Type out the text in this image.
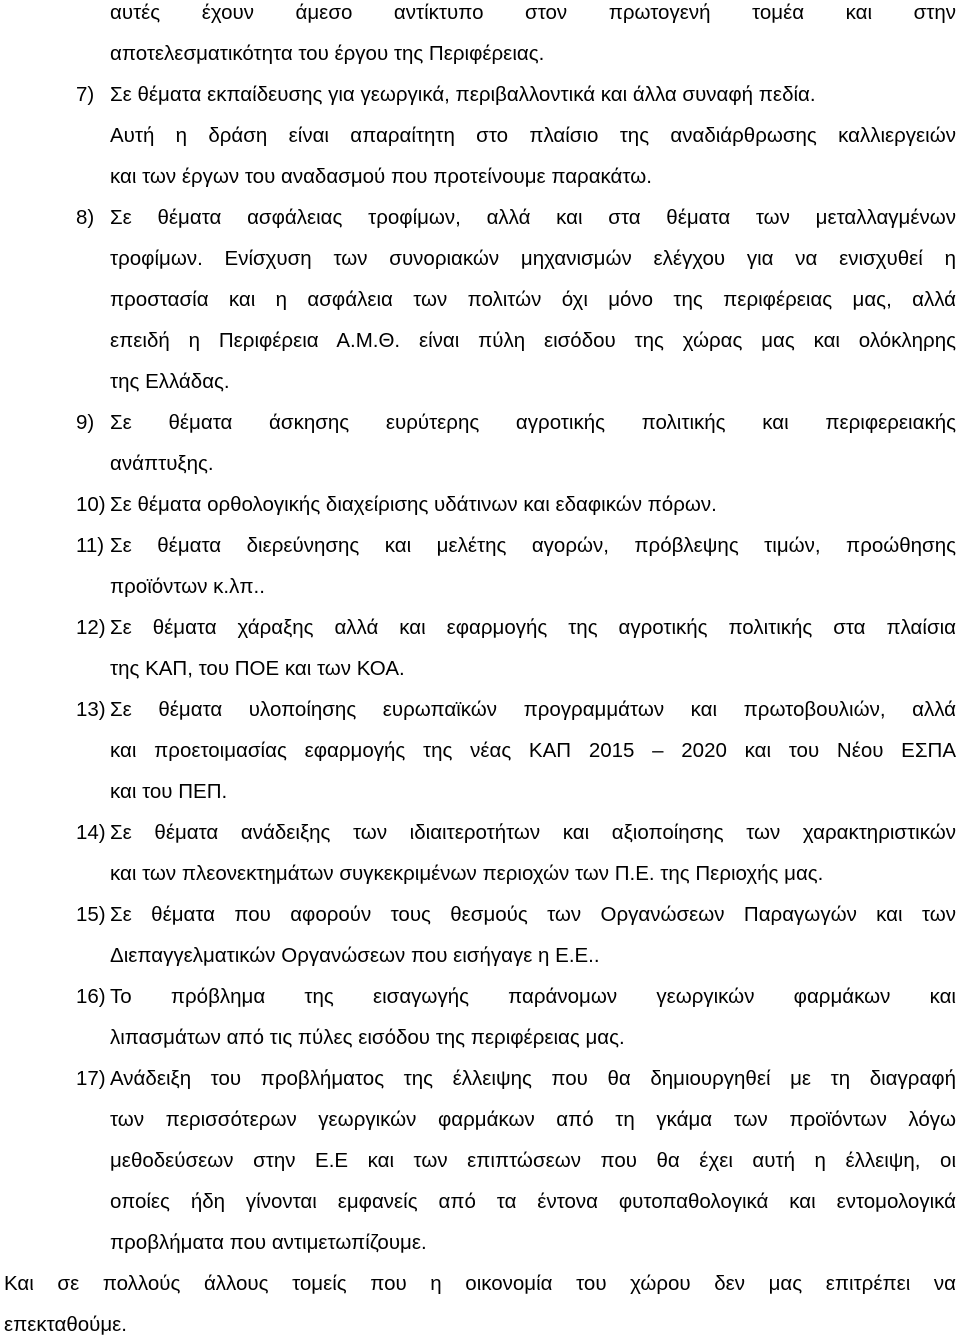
αυτές έχουν άμεσο αντίκτυπο στον πρωτογενή τομέα και στην
αποτελεσματικότητα του έργου της Περιφέρειας.
7) Σε θέματα εκπαίδευσης για γεωργικά, περιβαλλοντικά και άλλα συναφή πεδία.
Αυτή η δράση είναι απαραίτητη στο πλαίσιο της αναδιάρθρωσης καλλιεργειών
και των έργων του αναδασμού που προτείνουμε παρακάτω.
8) Σε θέματα ασφάλειας τροφίμων, αλλά και στα θέματα των μεταλλαγμένων
τροφίμων. Ενίσχυση των συνοριακών μηχανισμών ελέγχου για να ενισχυθεί η
προστασία και η ασφάλεια των πολιτών όχι μόνο της περιφέρειας μας, αλλά
επειδή η Περιφέρεια Α.Μ.Θ. είναι πύλη εισόδου της χώρας μας και ολόκληρης
της Ελλάδας.
9) Σε θέματα άσκησης ευρύτερης αγροτικής πολιτικής και περιφερειακής
ανάπτυξης.
10) Σε θέματα ορθολογικής διαχείρισης υδάτινων και εδαφικών πόρων.
11) Σε θέματα διερεύνησης και μελέτης αγορών, πρόβλεψης τιμών, προώθησης
προϊόντων κ.λπ..
12) Σε θέματα χάραξης αλλά και εφαρμογής της αγροτικής πολιτικής στα πλαίσια
της ΚΑΠ, του ΠΟΕ και των ΚΟΑ.
13) Σε θέματα υλοποίησης ευρωπαϊκών προγραμμάτων και πρωτοβουλιών, αλλά
και προετοιμασίας εφαρμογής της νέας ΚΑΠ 2015 – 2020 και του Νέου ΕΣΠΑ
και του ΠΕΠ.
14) Σε θέματα ανάδειξης των ιδιαιτεροτήτων και αξιοποίησης των χαρακτηριστικών
και των πλεονεκτημάτων συγκεκριμένων περιοχών των Π.Ε. της Περιοχής μας.
15) Σε θέματα που αφορούν τους θεσμούς των Οργανώσεων Παραγωγών και των
Διεπαγγελματικών Οργανώσεων που εισήγαγε η Ε.Ε..
16) Το πρόβλημα της εισαγωγής παράνομων γεωργικών φαρμάκων και
λιπασμάτων από τις πύλες εισόδου της περιφέρειας μας.
17) Ανάδειξη του προβλήματος της έλλειψης που θα δημιουργηθεί με τη διαγραφή
των περισσότερων γεωργικών φαρμάκων από τη γκάμα των προϊόντων λόγω
μεθοδεύσεων στην Ε.Ε και των επιπτώσεων που θα έχει αυτή η έλλειψη, οι
οποίες ήδη γίνονται εμφανείς από τα έντονα φυτοπαθολογικά και εντομολογικά
προβλήματα που αντιμετωπίζουμε.
Και σε πολλούς άλλους τομείς που η οικονομία του χώρου δεν μας επιτρέπει να
επεκταθούμε.
